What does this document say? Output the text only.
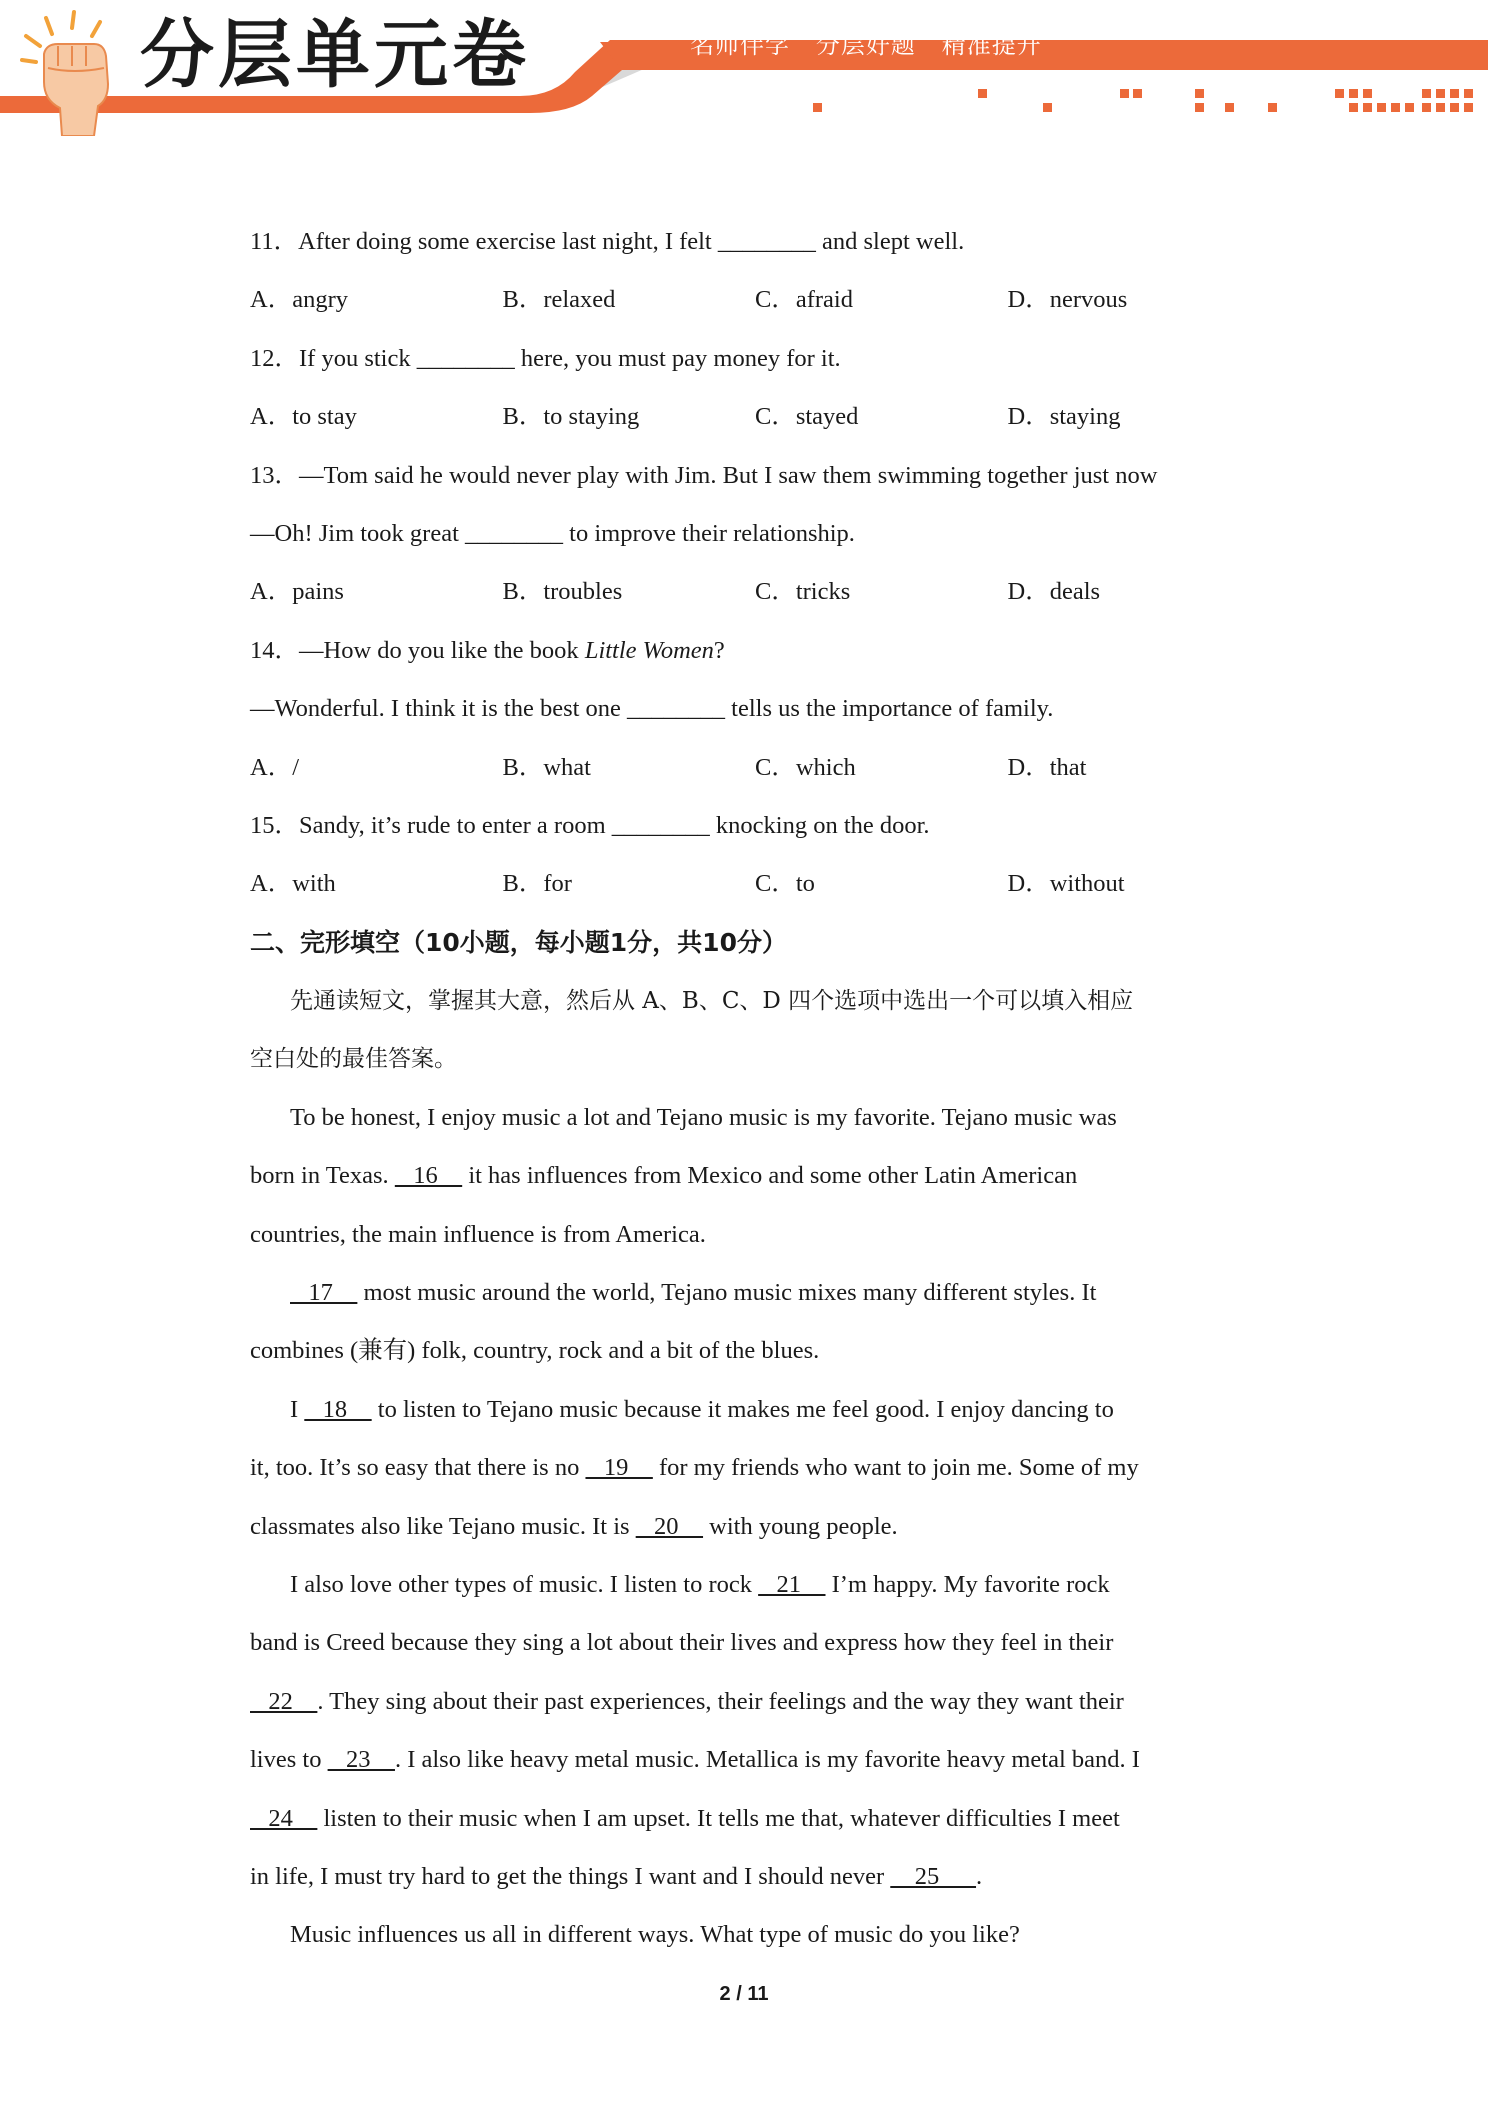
分层单元卷	名师伴学   分层好题   精准提升
11．After doing some exercise last night, I felt ________ and slept well.
A．angry	B．relaxed	C．afraid	D．nervous
12．If you stick ________ here, you must pay money for it.
A．to stay	B．to staying	C．stayed	D．staying
13．—Tom said he would never play with Jim. But I saw them swimming together just now
—Oh! Jim took great ________ to improve their relationship.
A．pains	B．troubles	C．tricks	D．deals
14．—How do you like the book Little Women?
—Wonderful. I think it is the best one ________ tells us the importance of family.
A．/	B．what	C．which	D．that
15．Sandy, it’s rude to enter a room ________ knocking on the door.
A．with	B．for	C．to	D．without
二、完形填空（10小题，每小题1分，共10分）
先通读短文，掌握其大意，然后从 A、B、C、D 四个选项中选出一个可以填入相应
空白处的最佳答案。
To be honest, I enjoy music a lot and Tejano music is my favorite. Tejano music was
born in Texas.    16     it has influences from Mexico and some other Latin American
countries, the main influence is from America.
17     most music around the world, Tejano music mixes many different styles. It
combines (兼有) folk, country, rock and a bit of the blues.
I    18     to listen to Tejano music because it makes me feel good. I enjoy dancing to
it, too. It’s so easy that there is no    19     for my friends who want to join me. Some of my
classmates also like Tejano music. It is    20     with young people.
I also love other types of music. I listen to rock    21     I’m happy. My favorite rock
band is Creed because they sing a lot about their lives and express how they feel in their
22    . They sing about their past experiences, their feelings and the way they want their
lives to    23    . I also like heavy metal music. Metallica is my favorite heavy metal band. I
24     listen to their music when I am upset. It tells me that, whatever difficulties I meet
in life, I must try hard to get the things I want and I should never     25      .
Music influences us all in different ways. What type of music do you like?
2 / 11
